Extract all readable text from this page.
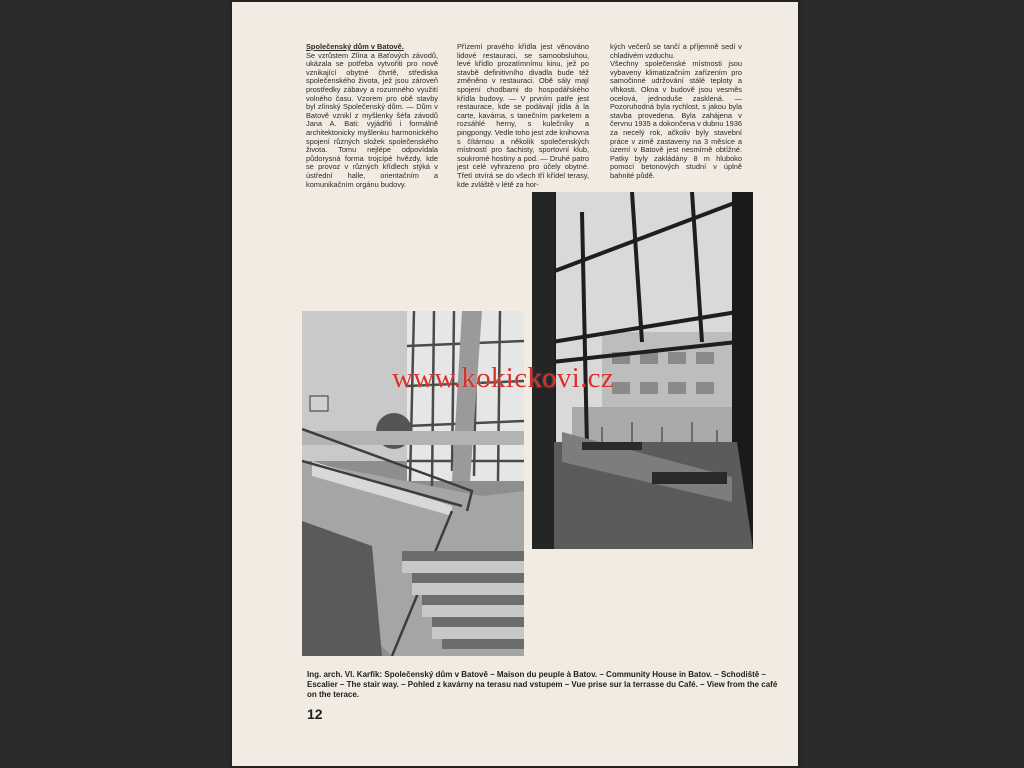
Společenský dům v Batově.
Se vzrůstem Zlína a Baťových závodů, ukázala se potřeba vytvořiti pro nově vznikající obytné čtvrtě, střediska společenského života, jež jsou zároveň prostředky zábavy a rozumného využití volného času. Vzorem pro obě stavby byl zlínský Společenský dům. — Dům v Batově vznikl z myšlenky šéfa závodů Jana A. Bati: vyjádřiti i formálně architektonicky myšlenku harmonického spojení různých složek společenského života. Tomu nejlépe odpovídala půdorysná forma trojcípé hvězdy, kde se provoz v různých křídlech stýká v ústřední halle, orientačním a komunikačním orgánu budovy.
Přízemí pravého křídla jest věnováno lidové restauraci, se samoobsluhou, levé křídlo prozatímnímu kinu, jež po stavbě definitivního divadla bude též změněno v restauraci. Obě sály mají spojení chodbami do hospodářského křídla budovy. — V prvním patře jest restaurace, kde se podávají jídla à la carte, kavárna, s tanečním parketem a rozsáhlé herny, s kulečníky a pingpongy. Vedle toho jest zde knihovna s čítárnou a několik společenských místností pro šachisty, sportovní klub, soukromé hostiny a pod. — Druhé patro jest celé vyhrazeno pro účely obytné. Třetí otvírá se do všech tří křídel terasy, kde zvláště v létě za hor-
kých večerů se tančí a příjemně sedí v chladivém vzduchu.
Všechny společenské místnosti jsou vybaveny klimatizačním zařízením pro samočinné udržování stálé teploty a vlhkosti. Okna v budově jsou vesměs ocelová, jednoduše zasklená. — Pozoruhodná byla rychlost, s jakou byla stavba provedena. Byla zahájena v červnu 1935 a dokončena v dubnu 1936 za necelý rok, ačkoliv byly stavební práce v zimě zastaveny na 3 měsíce a území v Batově jest nesmírně obtížné. Patky byly zakládány 8 m hluboko pomocí betonových studní v úplně bahnité půdě.

Ing. arch. Vl. Karfík: Společenský dům v Batově – Maison du peuple à Batov. – Community House in Batov. – Schodiště – Escalier – The stair way. – Pohled z kavárny na terasu nad vstupem – Vue prise sur la terrasse du Café. – View from the café on the terace.

12
www.kokickovi.cz
